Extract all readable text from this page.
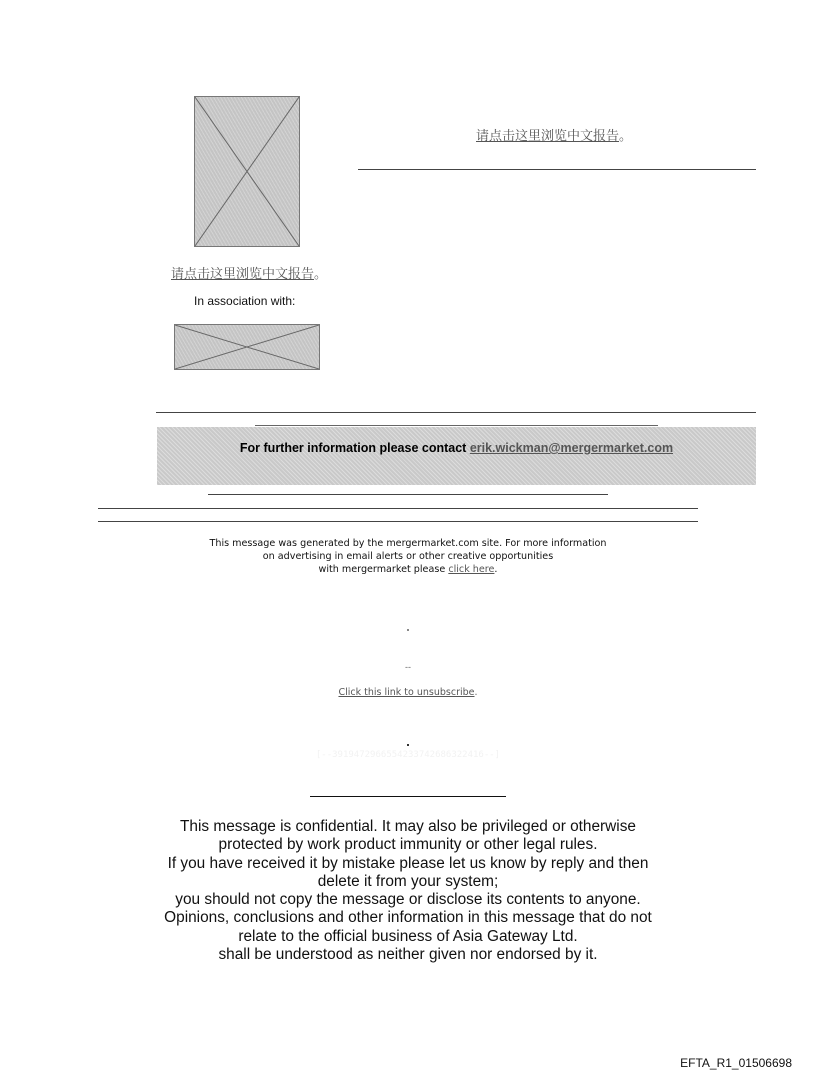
请点击这里浏览中文报告。
请点击这里浏览中文报告。
In association with:
For further information please contact erik.wickman@mergermarket.com
This message was generated by the mergermarket.com site. For more information
on advertising in email alerts or other creative opportunities
with mergermarket please click here.
--
Click this link to unsubscribe.
[--3919472966554233742686322416--]
This message is confidential. It may also be privileged or otherwise
protected by work product immunity or other legal rules.
If you have received it by mistake please let us know by reply and then
delete it from your system;
you should not copy the message or disclose its contents to anyone.
Opinions, conclusions and other information in this message that do not
relate to the official business of Asia Gateway Ltd.
shall be understood as neither given nor endorsed by it.
EFTA_R1_01506698
